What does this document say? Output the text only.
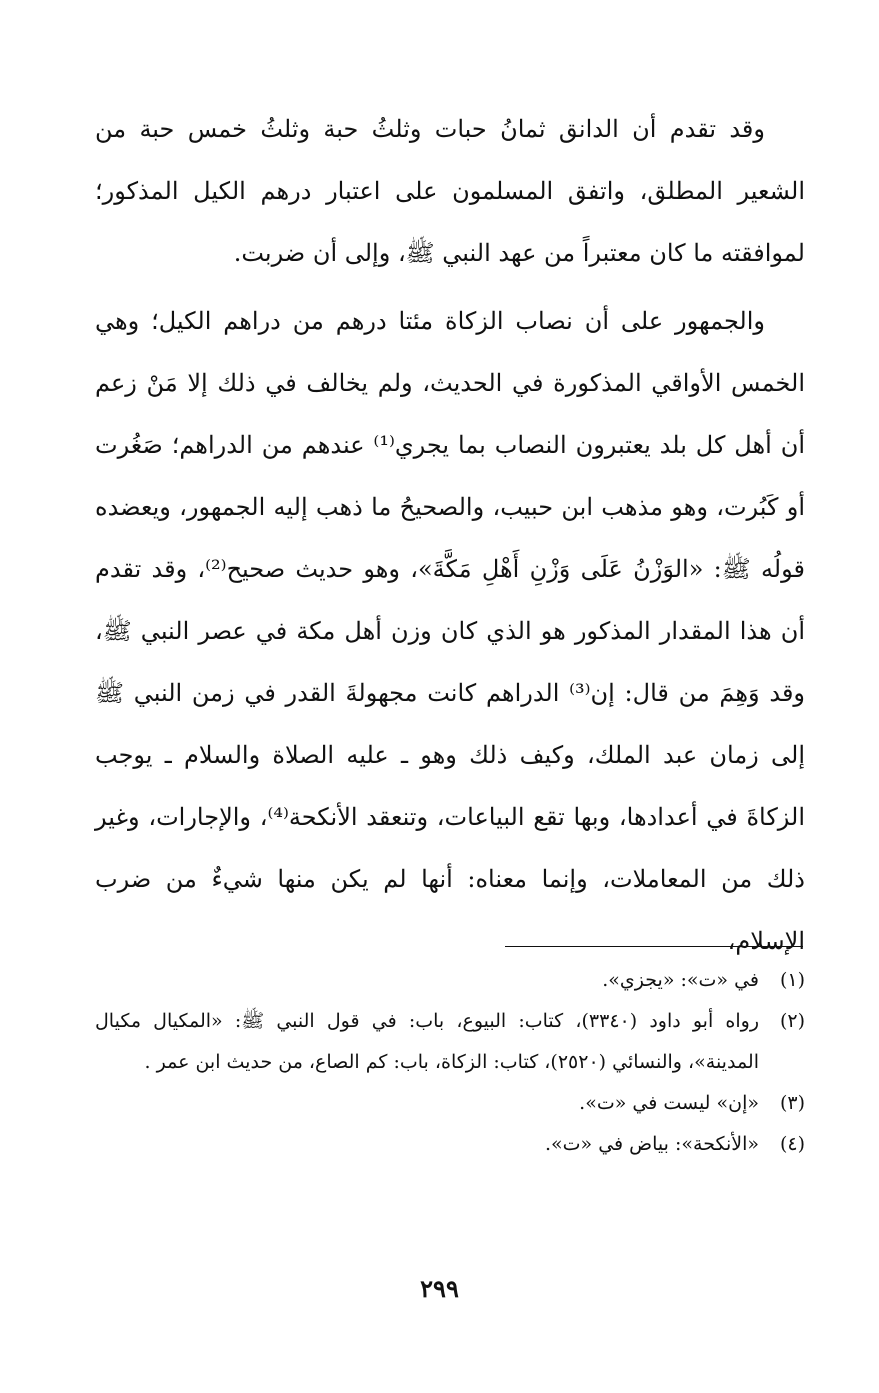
وقد تقدم أن الدانق ثمانُ حبات وثلثُ حبة وثلثُ خمس حبة من الشعير المطلق، واتفق المسلمون على اعتبار درهم الكيل المذكور؛ لموافقته ما كان معتبراً من عهد النبي ﷺ، وإلى أن ضربت.

والجمهور على أن نصاب الزكاة مئتا درهم من دراهم الكيل؛ وهي الخمس الأواقي المذكورة في الحديث، ولم يخالف في ذلك إلا مَنْ زعم أن أهل كل بلد يعتبرون النصاب بما يجري⁽¹⁾ عندهم من الدراهم؛ صَغُرت أو كَبُرت، وهو مذهب ابن حبيب، والصحيحُ ما ذهب إليه الجمهور، ويعضده قولُه ﷺ: «الوَزْنُ عَلَى وَزْنِ أَهْلِ مَكَّةَ»، وهو حديث صحيح⁽²⁾، وقد تقدم أن هذا المقدار المذكور هو الذي كان وزن أهل مكة في عصر النبي ﷺ، وقد وَهِمَ من قال: إن⁽³⁾ الدراهم كانت مجهولةَ القدر في زمن النبي ﷺ إلى زمان عبد الملك، وكيف ذلك وهو ـ عليه الصلاة والسلام ـ يوجب الزكاةَ في أعدادها، وبها تقع البياعات، وتنعقد الأنكحة⁽⁴⁾، والإجارات، وغير ذلك من المعاملات، وإنما معناه: أنها لم يكن منها شيءٌ من ضرب الإسلام،

(١)
في «ت»: «يجزي».
(٢)
رواه أبو داود (٣٣٤٠)، كتاب: البيوع، باب: في قول النبي ﷺ: «المكيال مكيال المدينة»، والنسائي (٢٥٢٠)، كتاب: الزكاة، باب: كم الصاع، من حديث ابن عمر .
(٣)
«إن» ليست في «ت».
(٤)
«الأنكحة»: بياض في «ت».
٢٩٩
